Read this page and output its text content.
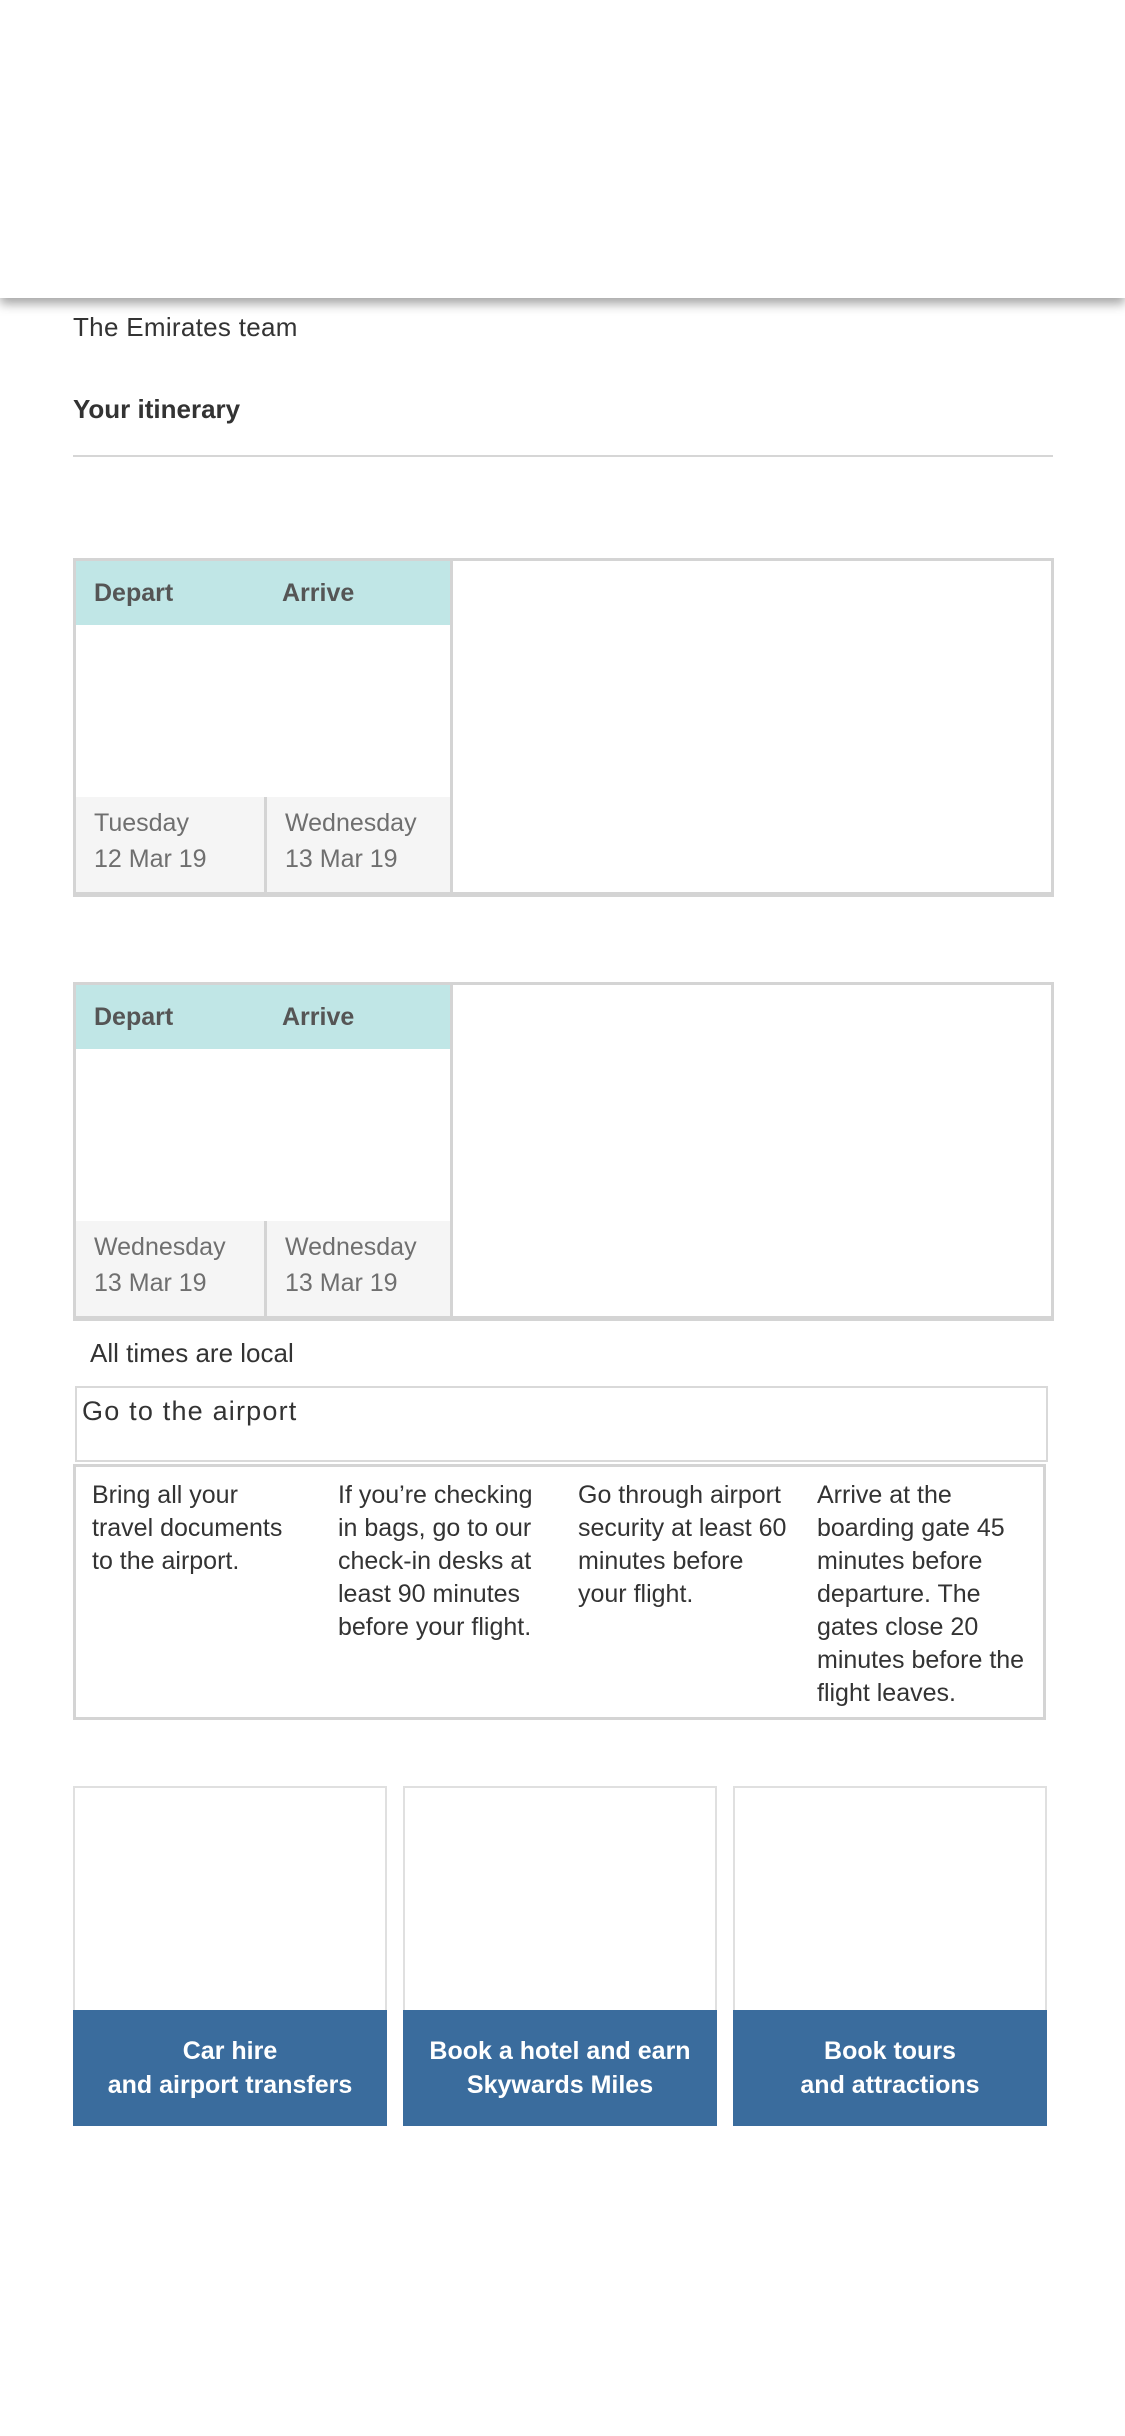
The Emirates team
Your itinerary
Depart	Arrive
Tuesday
12 Mar 19
Wednesday
13 Mar 19
Depart	Arrive
Wednesday
13 Mar 19
Wednesday
13 Mar 19
All times are local
Go to the airport
Bring all your travel documents to the airport.
If you’re checking in bags, go to our check-in desks at least 90 minutes before your flight.
Go through airport security at least 60 minutes before your flight.
Arrive at the boarding gate 45 minutes before departure. The gates close 20 minutes before the flight leaves.
Car hire
and airport transfers
Book a hotel and earn
Skywards Miles
Book tours
and attractions
